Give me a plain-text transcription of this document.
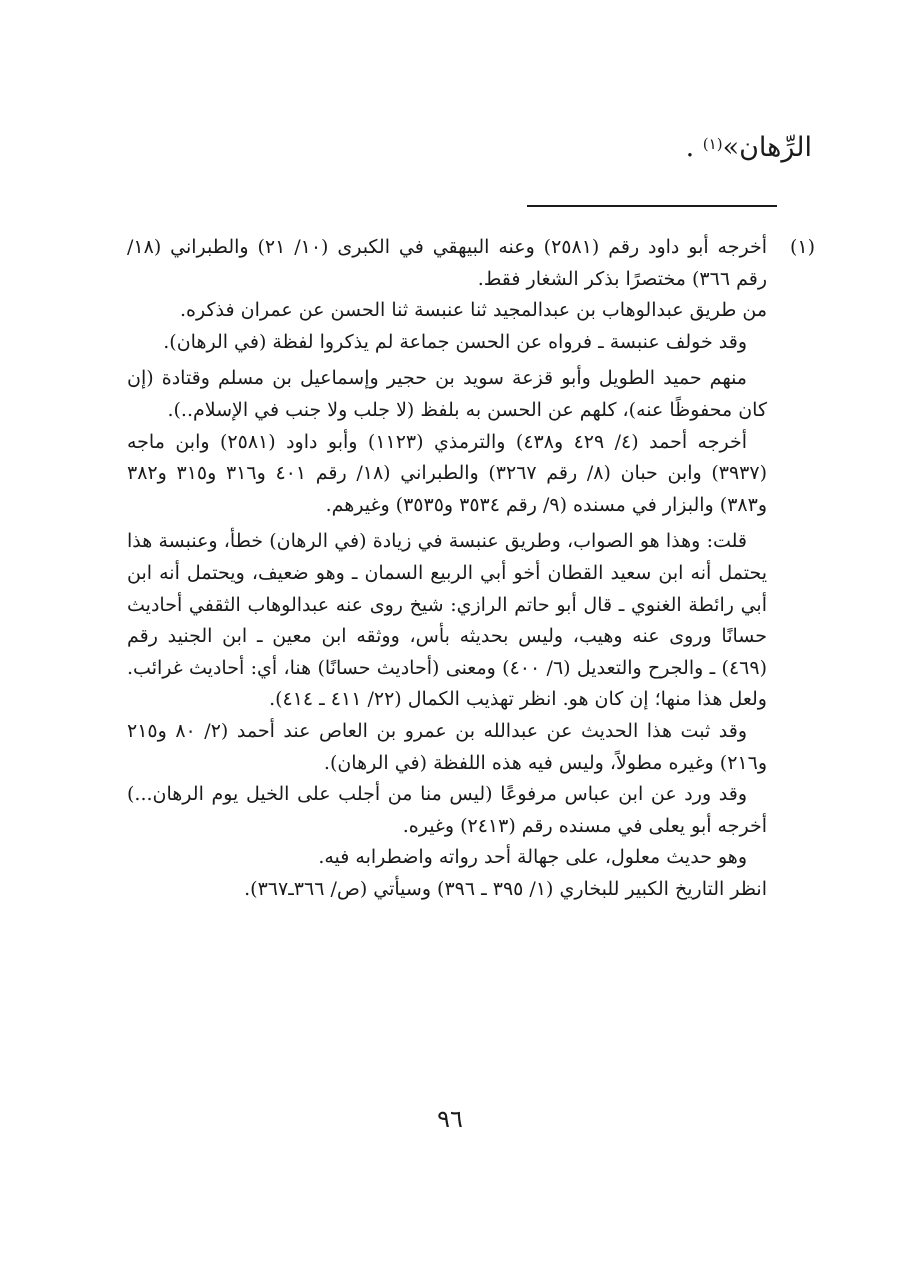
الرِّهان»$^{(١)}$ .
(١)

أخرجه أبو داود رقم (٢٥٨١) وعنه البيهقي في الكبرى (١٠/ ٢١) والطبراني (١٨/ رقم ٣٦٦) مختصرًا بذكر الشغار فقط.

من طريق عبدالوهاب بن عبدالمجيد ثنا عنبسة ثنا الحسن عن عمران فذكره.

وقد خولف عنبسة ـ فرواه عن الحسن جماعة لم يذكروا لفظة (في الرهان).

منهم حميد الطويل وأبو قزعة سويد بن حجير وإسماعيل بن مسلم وقتادة (إن كان محفوظًا عنه)، كلهم عن الحسن به بلفظ (لا جلب ولا جنب في الإسلام..).

أخرجه أحمد (٤/ ٤٢٩ و٤٣٨) والترمذي (١١٢٣) وأبو داود (٢٥٨١) وابن ماجه (٣٩٣٧) وابن حبان (٨/ رقم ٣٢٦٧) والطبراني (١٨/ رقم ٤٠١ و٣١٦ و٣١٥ و٣٨٢ و٣٨٣) والبزار في مسنده (٩/ رقم ٣٥٣٤ و٣٥٣٥) وغيرهم.

قلت: وهذا هو الصواب، وطريق عنبسة في زيادة (في الرهان) خطأ، وعنبسة هذا يحتمل أنه ابن سعيد القطان أخو أبي الربيع السمان ـ وهو ضعيف، ويحتمل أنه ابن أبي رائطة الغنوي ـ قال أبو حاتم الرازي: شيخ روى عنه عبدالوهاب الثقفي أحاديث حسانًا وروى عنه وهيب، وليس بحديثه بأس، ووثقه ابن معين ـ ابن الجنيد رقم (٤٦٩) ـ والجرح والتعديل (٦/ ٤٠٠) ومعنى (أحاديث حسانًا) هنا، أي: أحاديث غرائب. ولعل هذا منها؛ إن كان هو. انظر تهذيب الكمال (٢٢/ ٤١١ ـ ٤١٤).

وقد ثبت هذا الحديث عن عبدالله بن عمرو بن العاص عند أحمد (٢/ ٨٠ و٢١٥ و٢١٦) وغيره مطولاً، وليس فيه هذه اللفظة (في الرهان).

وقد ورد عن ابن عباس مرفوعًا (ليس منا من أجلب على الخيل يوم الرهان...) أخرجه أبو يعلى في مسنده رقم (٢٤١٣) وغيره.

وهو حديث معلول، على جهالة أحد رواته واضطرابه فيه.

انظر التاريخ الكبير للبخاري (١/ ٣٩٥ ـ ٣٩٦) وسيأتي (ص/ ٣٦٦ـ٣٦٧).

٩٦
